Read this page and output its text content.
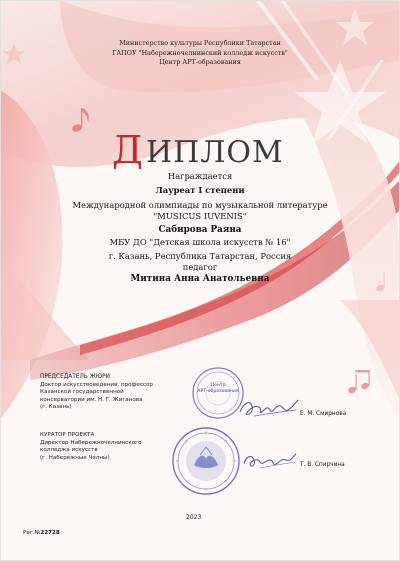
Министерство культуры Республики Татарстан
ГАПОУ "Набережночелнинский колледж искусств"
Центр АРТ-образования
Д ИПЛОМ
Награждается
Лауреат I степени
Международной олимпиады по музыкальной литературе
"MUSICUS IUVENIS"
Сабирова Раяна
МБУ ДО "Детская школа искусств № 16"
г. Казань, Республика Татарстан, Россия
педагог
Митина Анна Анатольевна
ПРЕДСЕДАТЕЛЬ ЖЮРИ
Доктор искусствоведения, профессор
Казанской государственной
консерватории им. Н. Г. Жиганова
(г. Казань)
Центр
АРТ-образования
Е. М. Смирнова
КУРАТОР ПРОЕКТА
Директор Набережночелнинского
колледжа искусств
(г. Набережные Челны)
Т. В. Спирчина
2023
Рег.№22728
